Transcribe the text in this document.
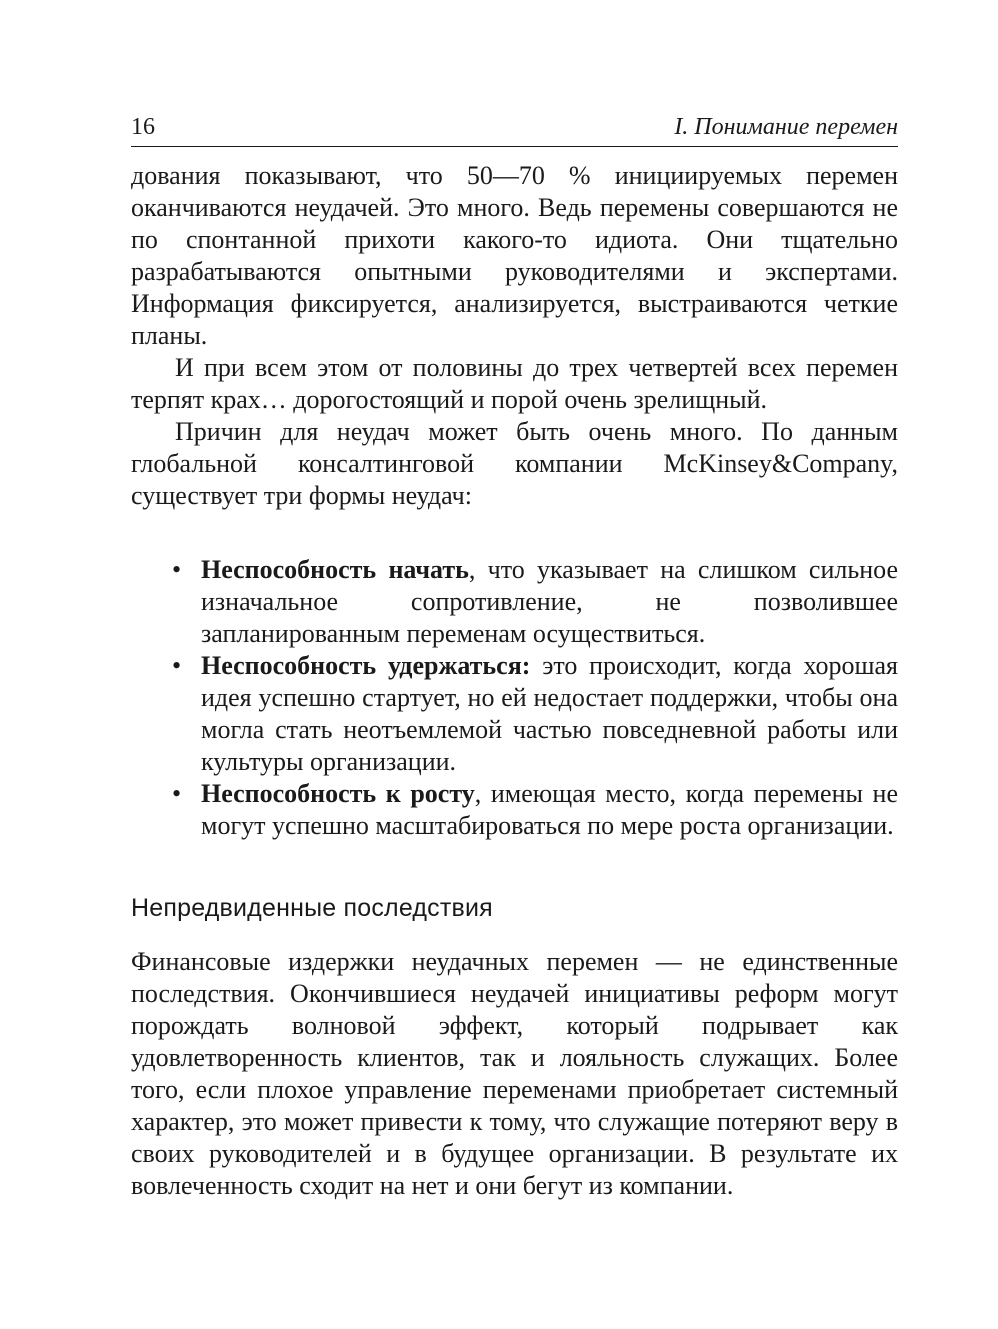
16	I. Понимание перемен

дования показывают, что 50—70 % инициируемых перемен оканчиваются неудачей. Это много. Ведь перемены совершаются не по спонтанной прихоти какого-то идиота. Они тщательно разрабатываются опытными руководителями и экспертами. Информация фиксируется, анализируется, выстраиваются четкие планы.

И при всем этом от половины до трех четвертей всех перемен терпят крах… дорогостоящий и порой очень зрелищный.

Причин для неудач может быть очень много. По данным глобальной консалтинговой компании McKinsey&Company, существует три формы неудач:

• Неспособность начать, что указывает на слишком сильное изначальное сопротивление, не позволившее запланированным переменам осуществиться.
• Неспособность удержаться: это происходит, когда хорошая идея успешно стартует, но ей недостает поддержки, чтобы она могла стать неотъемлемой частью повседневной работы или культуры организации.
• Неспособность к росту, имеющая место, когда перемены не могут успешно масштабироваться по мере роста организации.
Непредвиденные последствия

Финансовые издержки неудачных перемен — не единственные последствия. Окончившиеся неудачей инициативы реформ могут порождать волновой эффект, который подрывает как удовлетворенность клиентов, так и лояльность служащих. Более того, если плохое управление переменами приобретает системный характер, это может привести к тому, что служащие потеряют веру в своих руководителей и в будущее организации. В результате их вовлеченность сходит на нет и они бегут из компании.
